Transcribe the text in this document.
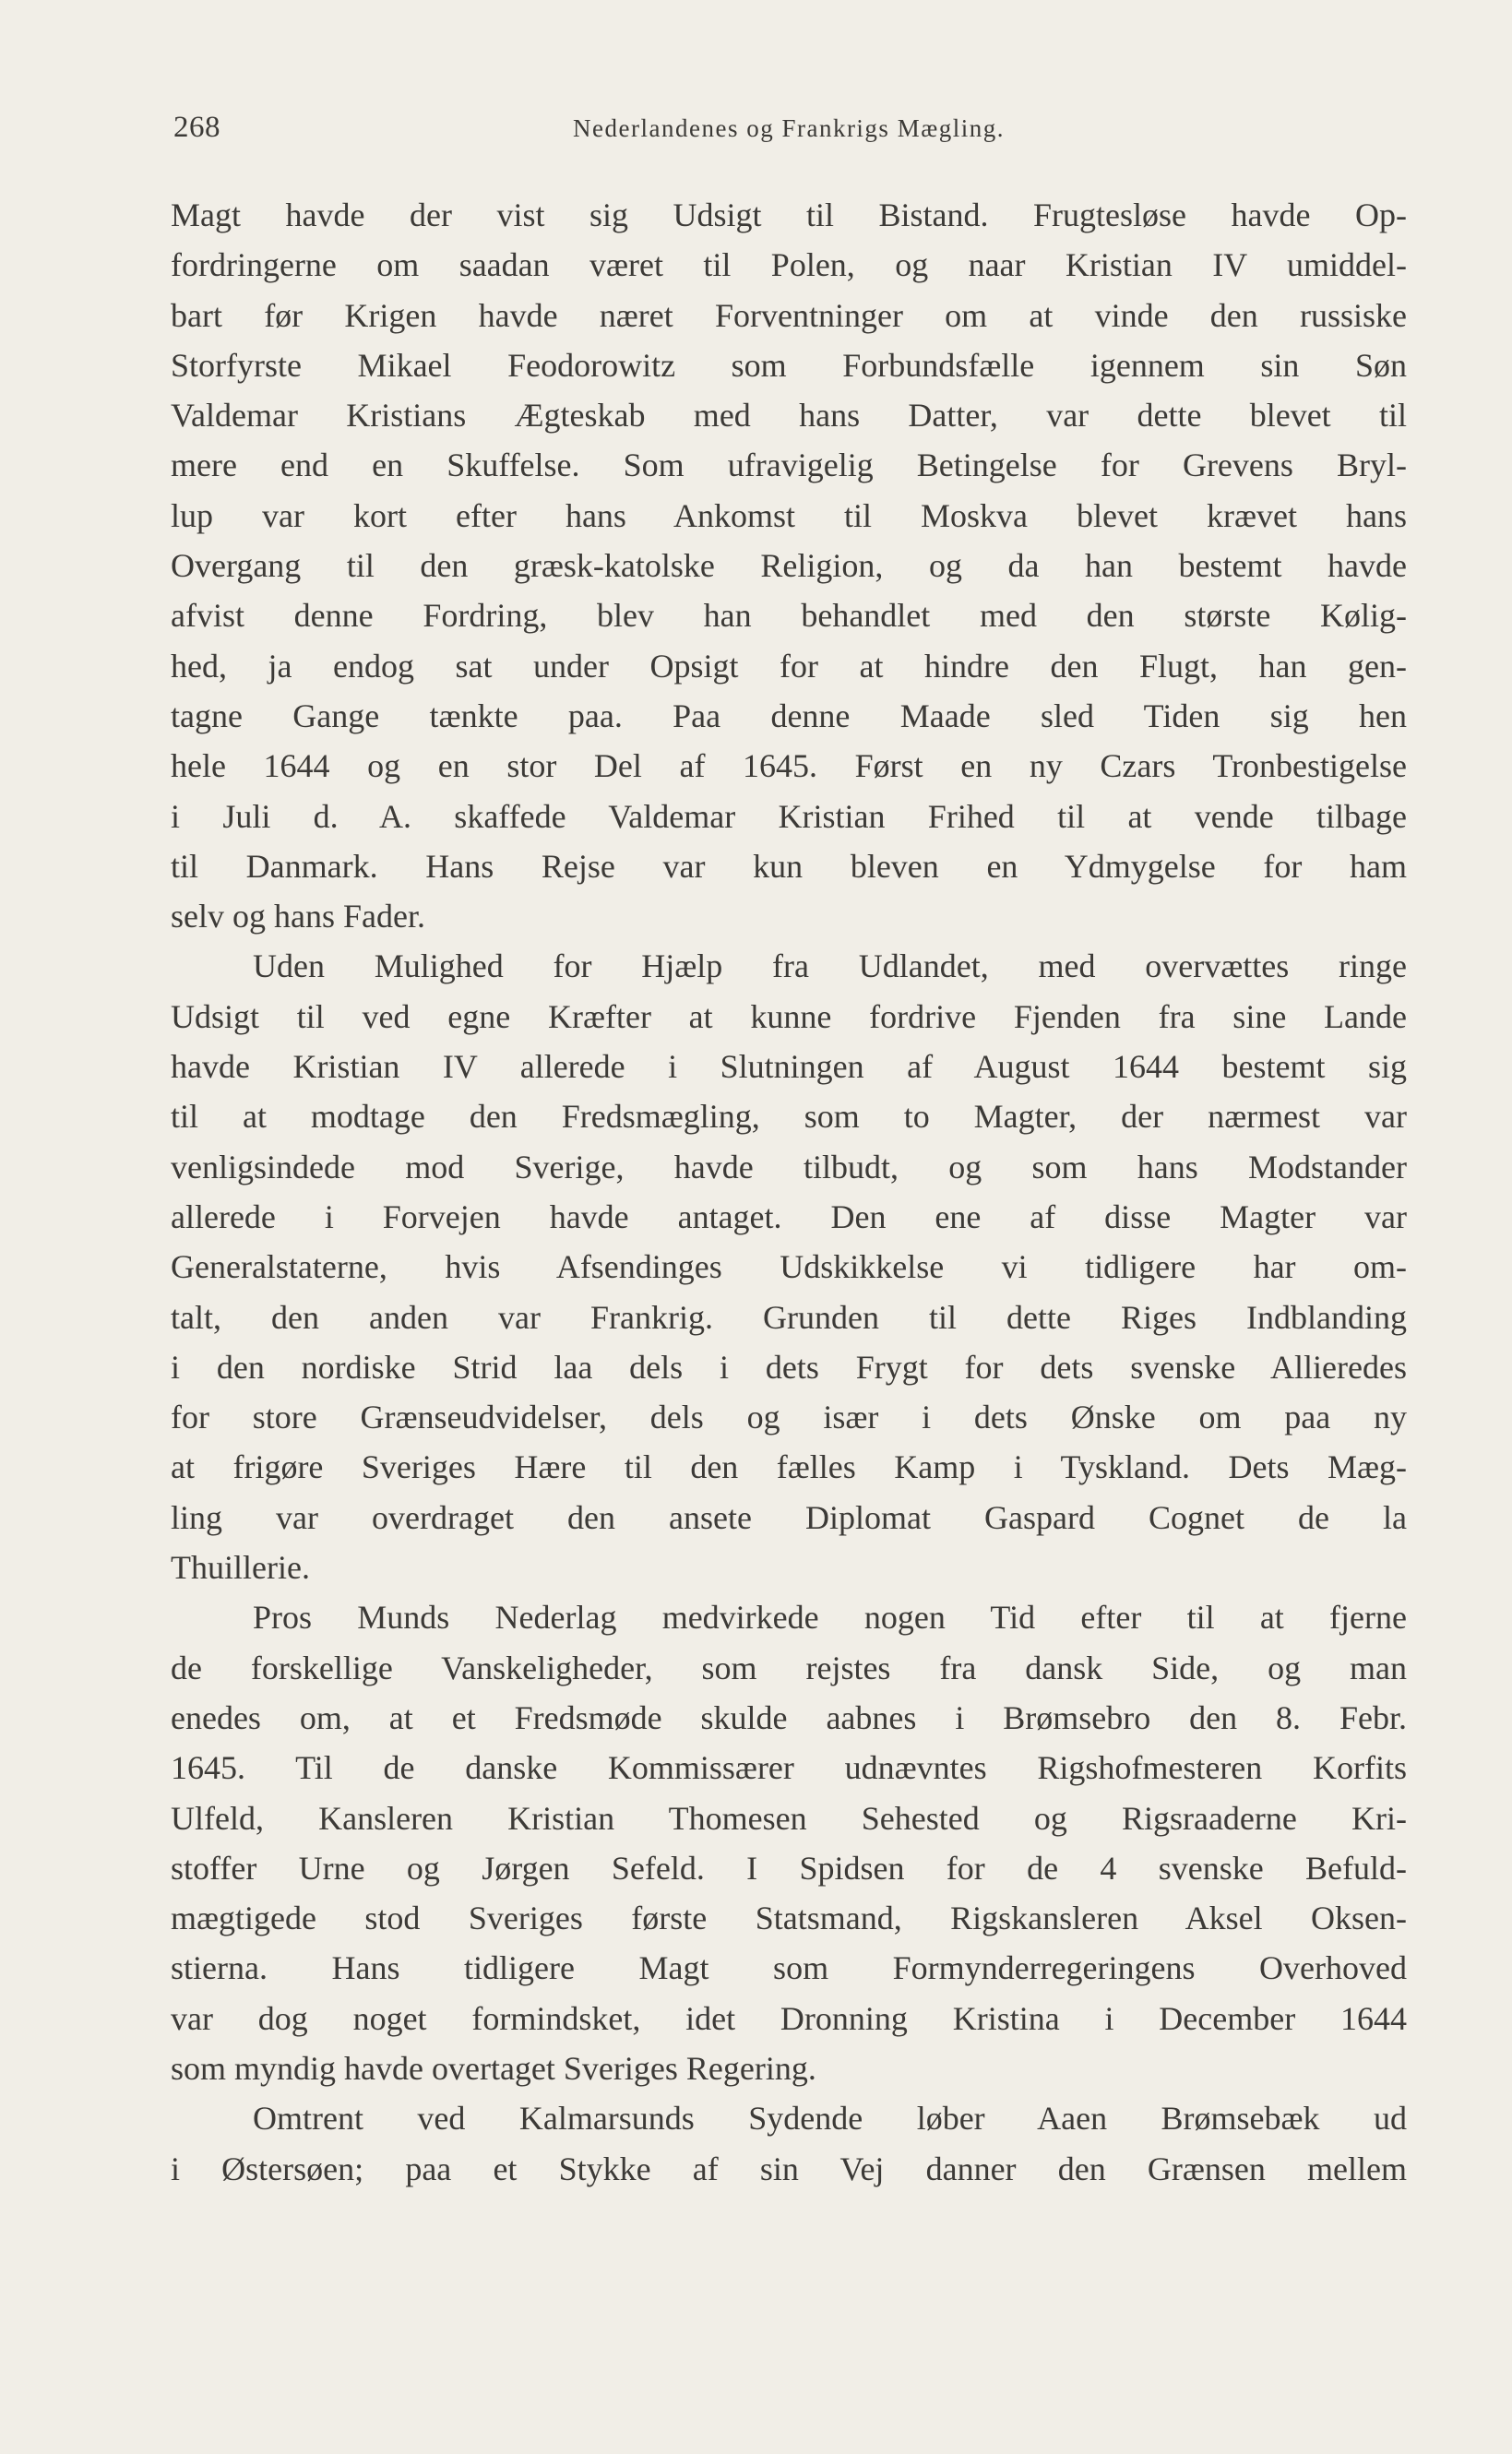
268	Nederlandenes og Frankrigs Mægling.
Magt havde der vist sig Udsigt til Bistand. Frugtesløse havde Op-
fordringerne om saadan været til Polen, og naar Kristian IV umiddel-
bart før Krigen havde næret Forventninger om at vinde den russiske
Storfyrste Mikael Feodorowitz som Forbundsfælle igennem sin Søn
Valdemar Kristians Ægteskab med hans Datter, var dette blevet til
mere end en Skuffelse. Som ufravigelig Betingelse for Grevens Bryl-
lup var kort efter hans Ankomst til Moskva blevet krævet hans
Overgang til den græsk-katolske Religion, og da han bestemt havde
afvist denne Fordring, blev han behandlet med den største Kølig-
hed, ja endog sat under Opsigt for at hindre den Flugt, han gen-
tagne Gange tænkte paa. Paa denne Maade sled Tiden sig hen
hele 1644 og en stor Del af 1645. Først en ny Czars Tronbestigelse
i Juli d. A. skaffede Valdemar Kristian Frihed til at vende tilbage
til Danmark. Hans Rejse var kun bleven en Ydmygelse for ham
selv og hans Fader.
Uden Mulighed for Hjælp fra Udlandet, med overvættes ringe
Udsigt til ved egne Kræfter at kunne fordrive Fjenden fra sine Lande
havde Kristian IV allerede i Slutningen af August 1644 bestemt sig
til at modtage den Fredsmægling, som to Magter, der nærmest var
venligsindede mod Sverige, havde tilbudt, og som hans Modstander
allerede i Forvejen havde antaget. Den ene af disse Magter var
Generalstaterne, hvis Afsendinges Udskikkelse vi tidligere har om-
talt, den anden var Frankrig. Grunden til dette Riges Indblanding
i den nordiske Strid laa dels i dets Frygt for dets svenske Allieredes
for store Grænseudvidelser, dels og især i dets Ønske om paa ny
at frigøre Sveriges Hære til den fælles Kamp i Tyskland. Dets Mæg-
ling var overdraget den ansete Diplomat Gaspard Cognet de la
Thuillerie.
Pros Munds Nederlag medvirkede nogen Tid efter til at fjerne
de forskellige Vanskeligheder, som rejstes fra dansk Side, og man
enedes om, at et Fredsmøde skulde aabnes i Brømsebro den 8. Febr.
1645. Til de danske Kommissærer udnævntes Rigshofmesteren Korfits
Ulfeld, Kansleren Kristian Thomesen Sehested og Rigsraaderne Kri-
stoffer Urne og Jørgen Sefeld. I Spidsen for de 4 svenske Befuld-
mægtigede stod Sveriges første Statsmand, Rigskansleren Aksel Oksen-
stierna. Hans tidligere Magt som Formynderregeringens Overhoved
var dog noget formindsket, idet Dronning Kristina i December 1644
som myndig havde overtaget Sveriges Regering.
Omtrent ved Kalmarsunds Sydende løber Aaen Brømsebæk ud
i Østersøen; paa et Stykke af sin Vej danner den Grænsen mellem
